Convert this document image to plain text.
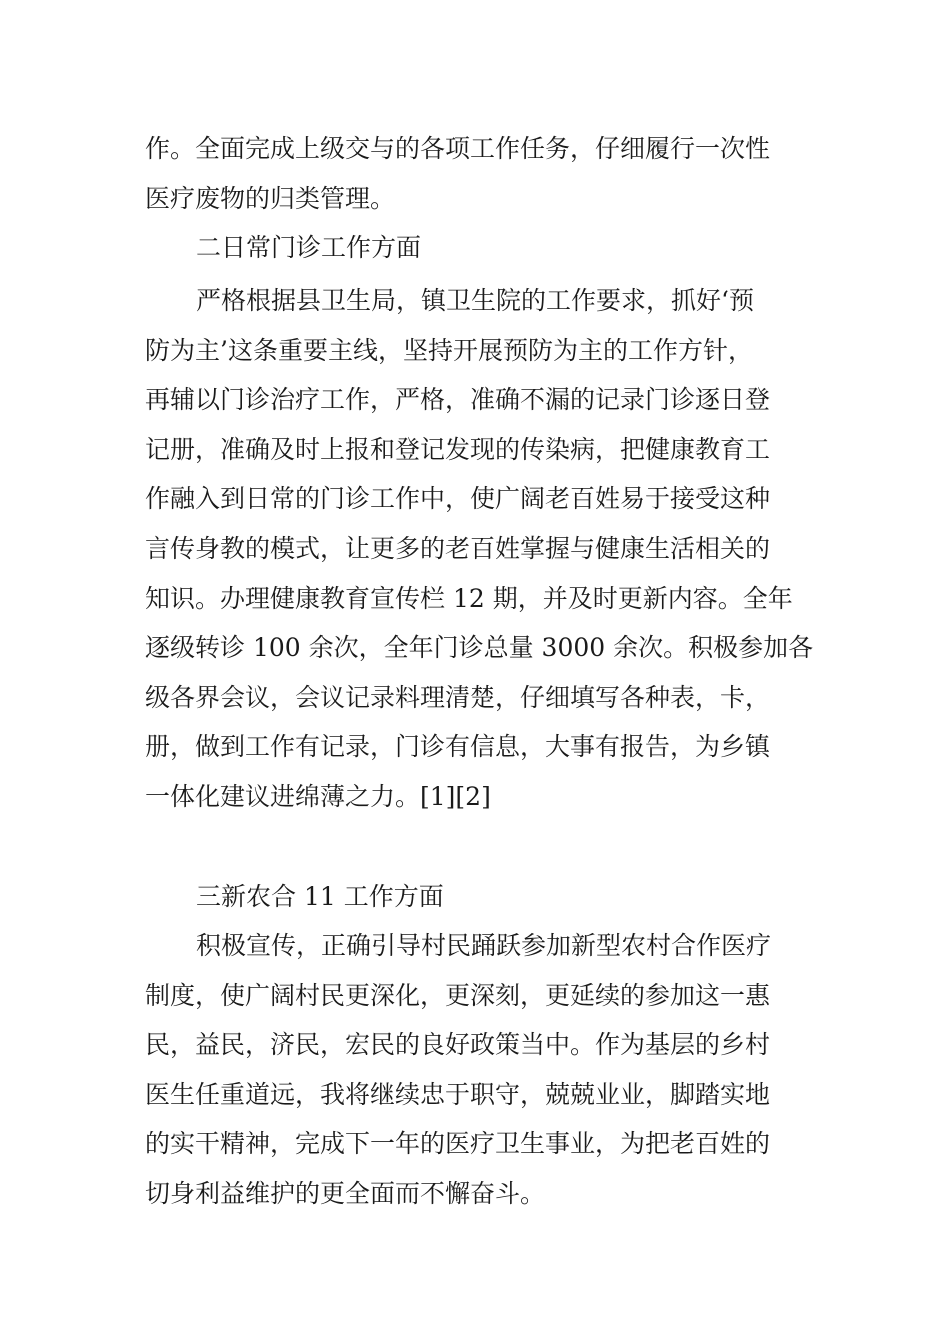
作。全面完成上级交与的各项工作任务，仔细履行一次性
医疗废物的归类管理。
二日常门诊工作方面
严格根据县卫生局，镇卫生院的工作要求，抓好‘预
防为主’这条重要主线，坚持开展预防为主的工作方针，
再辅以门诊治疗工作，严格，准确不漏的记录门诊逐日登
记册，准确及时上报和登记发现的传染病，把健康教育工
作融入到日常的门诊工作中，使广阔老百姓易于接受这种
言传身教的模式，让更多的老百姓掌握与健康生活相关的
知识。办理健康教育宣传栏 12 期，并及时更新内容。全年
逐级转诊 100 余次，全年门诊总量 3000 余次。积极参加各
级各界会议，会议记录料理清楚，仔细填写各种表，卡，
册，做到工作有记录，门诊有信息，大事有报告，为乡镇
一体化建议进绵薄之力。[1][2]
三新农合 11 工作方面
积极宣传，正确引导村民踊跃参加新型农村合作医疗
制度，使广阔村民更深化，更深刻，更延续的参加这一惠
民，益民，济民，宏民的良好政策当中。作为基层的乡村
医生任重道远，我将继续忠于职守，兢兢业业，脚踏实地
的实干精神，完成下一年的医疗卫生事业，为把老百姓的
切身利益维护的更全面而不懈奋斗。
